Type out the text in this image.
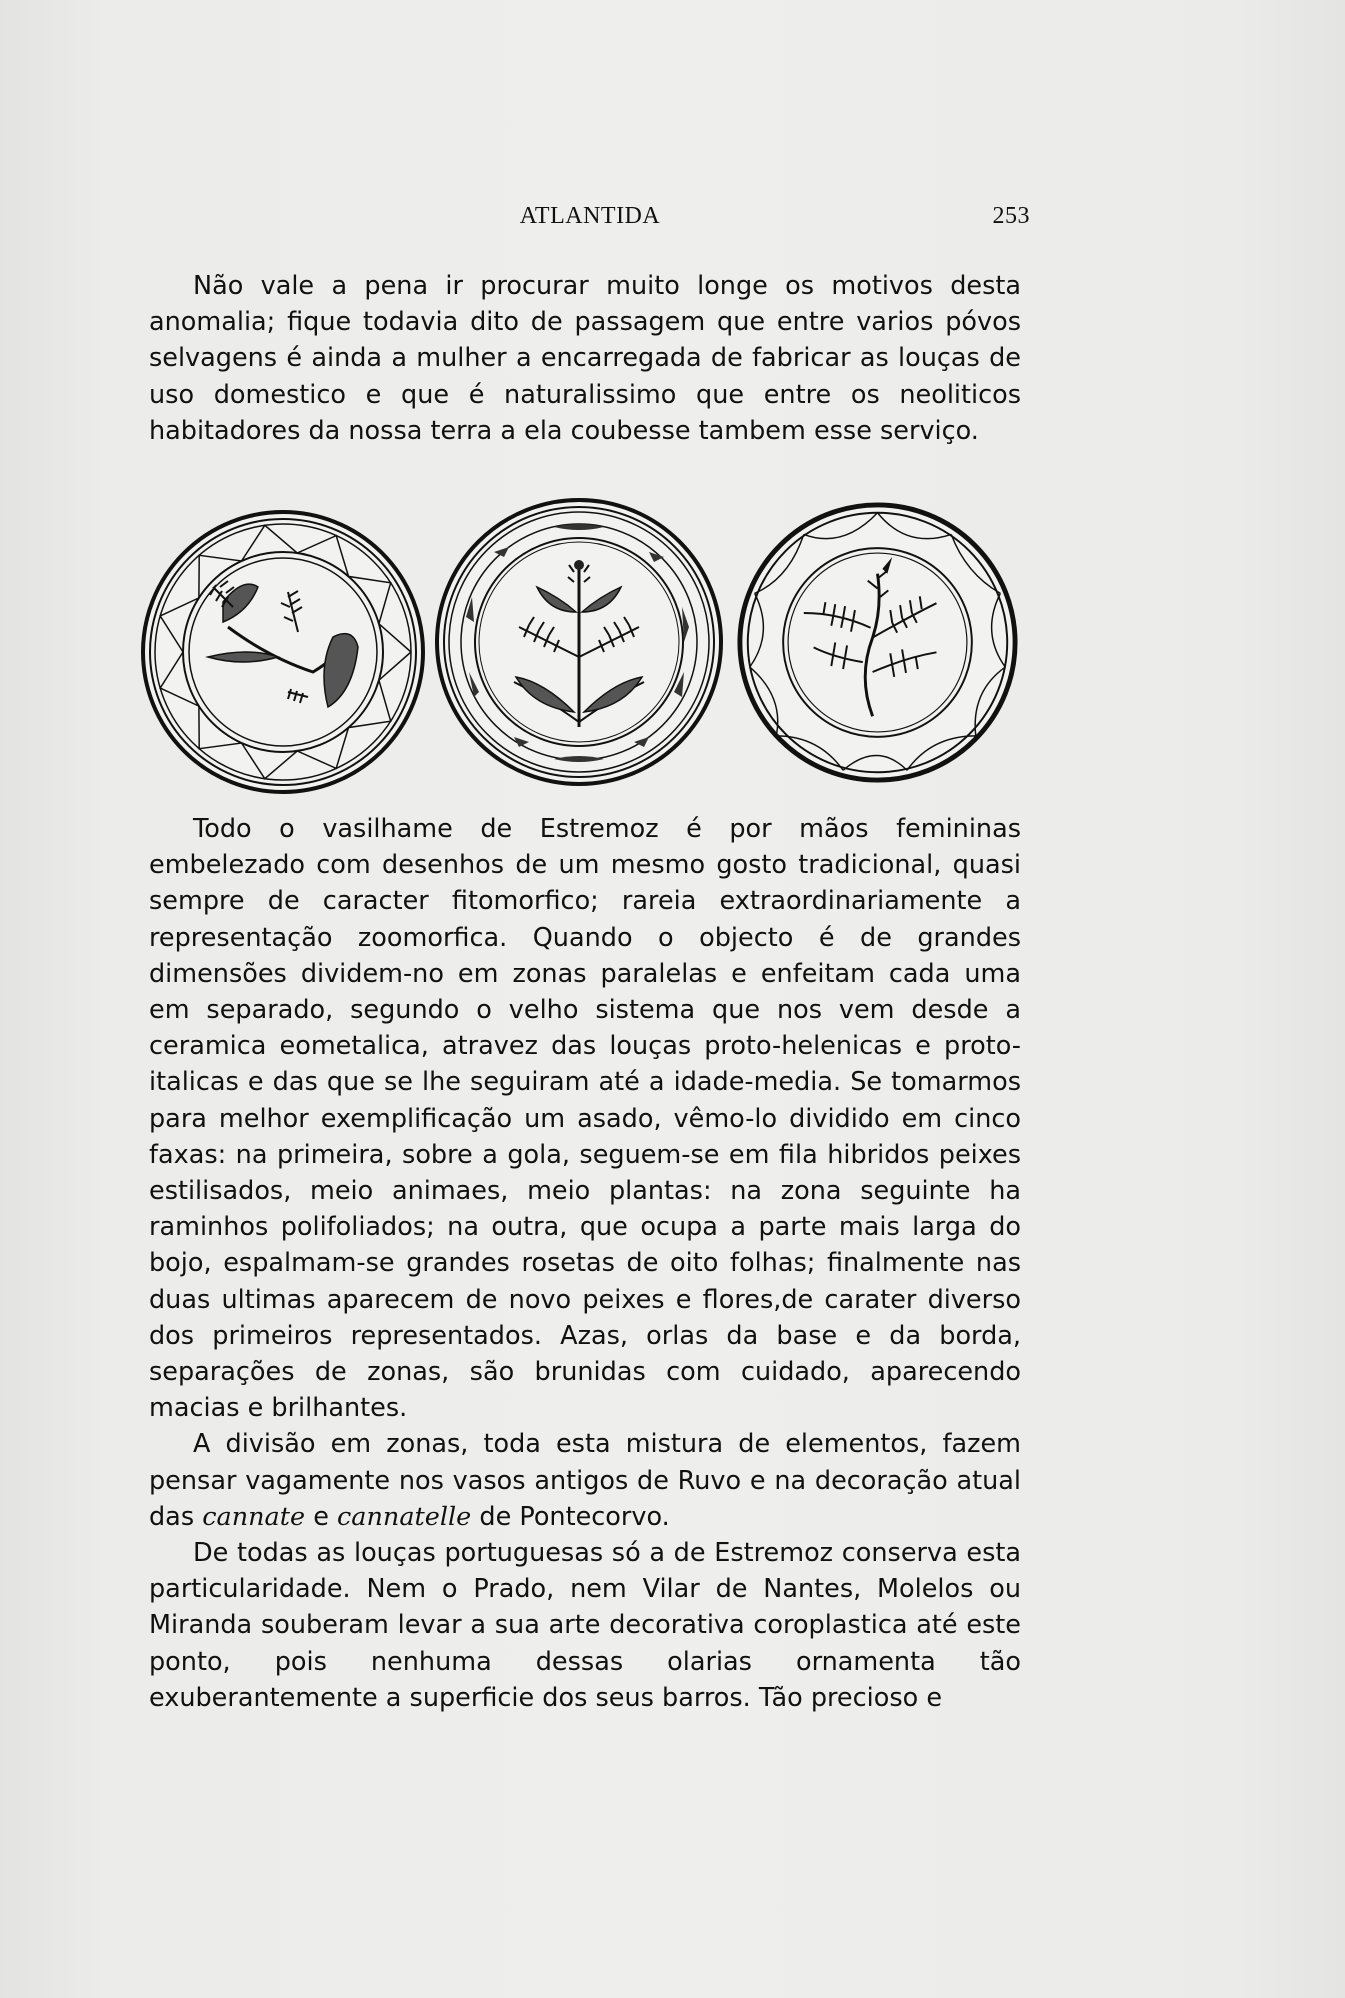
ATLANTIDA	253

Não vale a pena ir procurar muito longe os motivos desta anomalia; fique todavia dito de passagem que entre varios póvos selvagens é ainda a mulher a encarregada de fabricar as louças de uso domestico e que é naturalissimo que entre os neoliticos habitadores da nossa terra a ela coubesse tambem esse serviço.

Todo o vasilhame de Estremoz é por mãos femininas embelezado com desenhos de um mesmo gosto tradicional, quasi sempre de caracter fitomorfico; rareia extraordinariamente a representação zoomorfica. Quando o objecto é de grandes dimensões dividem-no em zonas paralelas e enfeitam cada uma em separado, segundo o velho sistema que nos vem desde a ceramica eometalica, atravez das louças proto-helenicas e proto-italicas e das que se lhe seguiram até a idade-media. Se tomarmos para melhor exemplificação um asado, vêmo-lo dividido em cinco faxas: na primeira, sobre a gola, seguem-se em fila hibridos peixes estilisados, meio animaes, meio plantas: na zona seguinte ha raminhos polifoliados; na outra, que ocupa a parte mais larga do bojo, espalmam-se grandes rosetas de oito folhas; finalmente nas duas ultimas aparecem de novo peixes e flores,de carater diverso dos primeiros representados. Azas, orlas da base e da borda, separações de zonas, são brunidas com cuidado, aparecendo macias e brilhantes.

A divisão em zonas, toda esta mistura de elementos, fazem pensar vagamente nos vasos antigos de Ruvo e na decoração atual das cannate e cannatelle de Pontecorvo.

De todas as louças portuguesas só a de Estremoz conserva esta particularidade. Nem o Prado, nem Vilar de Nantes, Molelos ou Miranda souberam levar a sua arte decorativa coroplastica até este ponto, pois nenhuma dessas olarias ornamenta tão exuberantemente a superficie dos seus barros. Tão precioso e
